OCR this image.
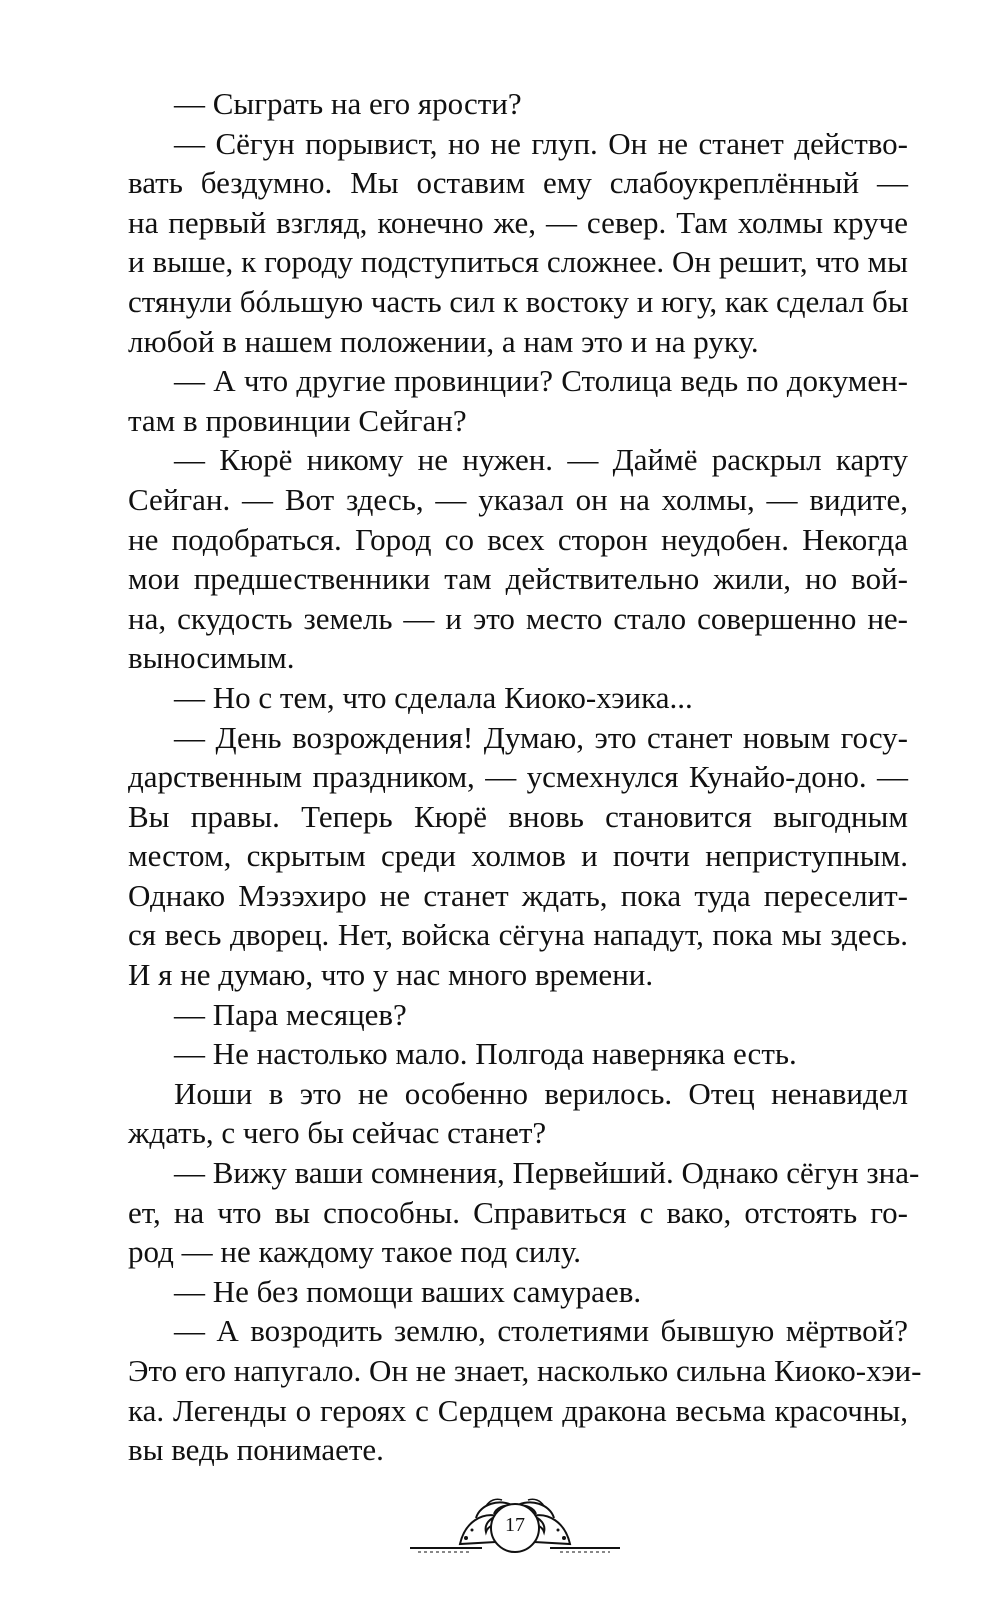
— Сыграть на его ярости?
— Сёгун порывист, но не глуп. Он не станет действо-
вать бездумно. Мы оставим ему слабоукреплённый —
на первый взгляд, конечно же, — север. Там холмы круче
и выше, к городу подступиться сложнее. Он решит, что мы
стянули бóльшую часть сил к востоку и югу, как сделал бы
любой в нашем положении, а нам это и на руку.
— А что другие провинции? Столица ведь по докумен-
там в провинции Сейган?
— Кюрё никому не нужен. — Даймё раскрыл карту
Сейган. — Вот здесь, — указал он на холмы, — видите,
не подобраться. Город со всех сторон неудобен. Некогда
мои предшественники там действительно жили, но вой-
на, скудость земель — и это место стало совершенно не-
выносимым.
— Но с тем, что сделала Киоко-хэика...
— День возрождения! Думаю, это станет новым госу-
дарственным праздником, — усмехнулся Кунайо-доно. —
Вы правы. Теперь Кюрё вновь становится выгодным
местом, скрытым среди холмов и почти неприступным.
Однако Мэзэхиро не станет ждать, пока туда переселит-
ся весь дворец. Нет, войска сёгуна нападут, пока мы здесь.
И я не думаю, что у нас много времени.
— Пара месяцев?
— Не настолько мало. Полгода наверняка есть.
Иоши в это не особенно верилось. Отец ненавидел
ждать, с чего бы сейчас станет?
— Вижу ваши сомнения, Первейший. Однако сёгун зна-
ет, на что вы способны. Справиться с вако, отстоять го-
род — не каждому такое под силу.
— Не без помощи ваших самураев.
— А возродить землю, столетиями бывшую мёртвой?
Это его напугало. Он не знает, насколько сильна Киоко-хэи-
ка. Легенды о героях с Сердцем дракона весьма красочны,
вы ведь понимаете.
17
